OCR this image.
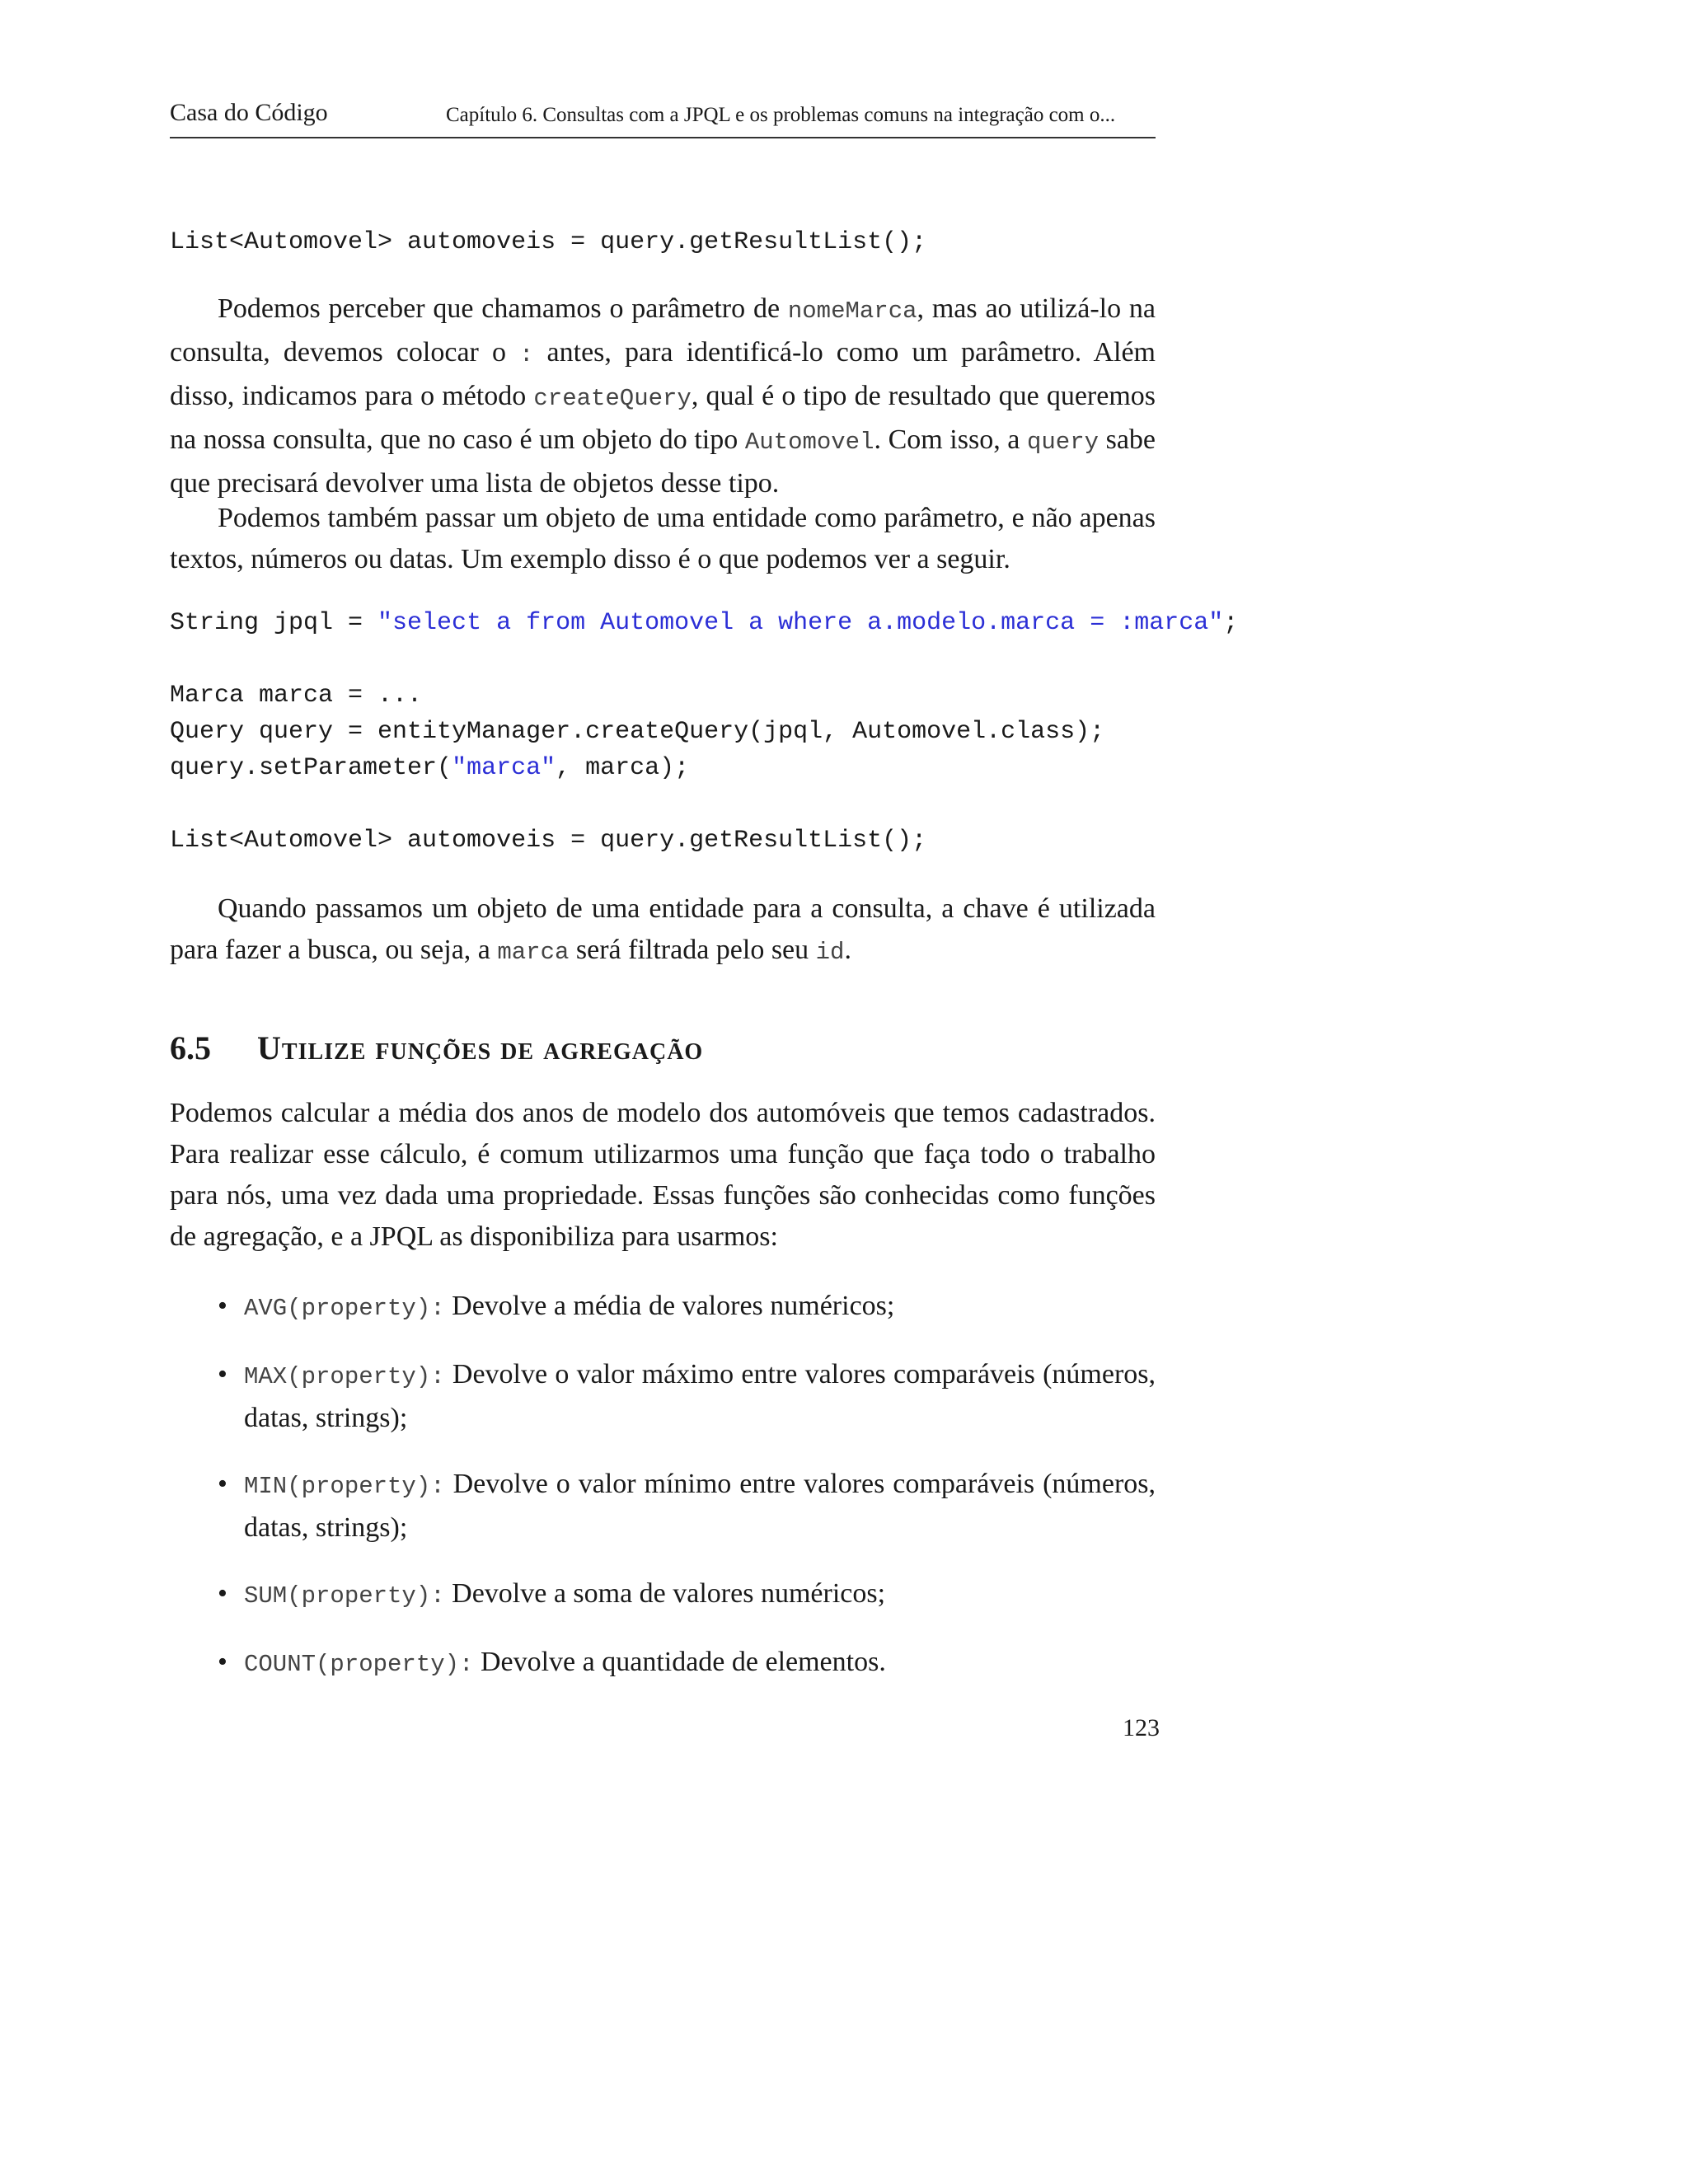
Casa do Código	Capítulo 6. Consultas com a JPQL e os problemas comuns na integração com o...
List<Automovel> automoveis = query.getResultList();
Podemos perceber que chamamos o parâmetro de nomeMarca, mas ao utilizá-lo na consulta, devemos colocar o : antes, para identificá-lo como um parâmetro. Além disso, indicamos para o método createQuery, qual é o tipo de resultado que queremos na nossa consulta, que no caso é um objeto do tipo Automovel. Com isso, a query sabe que precisará devolver uma lista de objetos desse tipo.
Podemos também passar um objeto de uma entidade como parâmetro, e não apenas textos, números ou datas. Um exemplo disso é o que podemos ver a seguir.
String jpql = "select a from Automovel a where a.modelo.marca = :marca";

Marca marca = ...
Query query = entityManager.createQuery(jpql, Automovel.class);
query.setParameter("marca", marca);

List<Automovel> automoveis = query.getResultList();
Quando passamos um objeto de uma entidade para a consulta, a chave é utilizada para fazer a busca, ou seja, a marca será filtrada pelo seu id.
6.5 Utilize funções de agregação
Podemos calcular a média dos anos de modelo dos automóveis que temos cadastrados. Para realizar esse cálculo, é comum utilizarmos uma função que faça todo o trabalho para nós, uma vez dada uma propriedade. Essas funções são conhecidas como funções de agregação, e a JPQL as disponibiliza para usarmos:
• AVG(property): Devolve a média de valores numéricos;
• MAX(property): Devolve o valor máximo entre valores comparáveis (números, datas, strings);
• MIN(property): Devolve o valor mínimo entre valores comparáveis (números, datas, strings);
• SUM(property): Devolve a soma de valores numéricos;
• COUNT(property): Devolve a quantidade de elementos.
123
